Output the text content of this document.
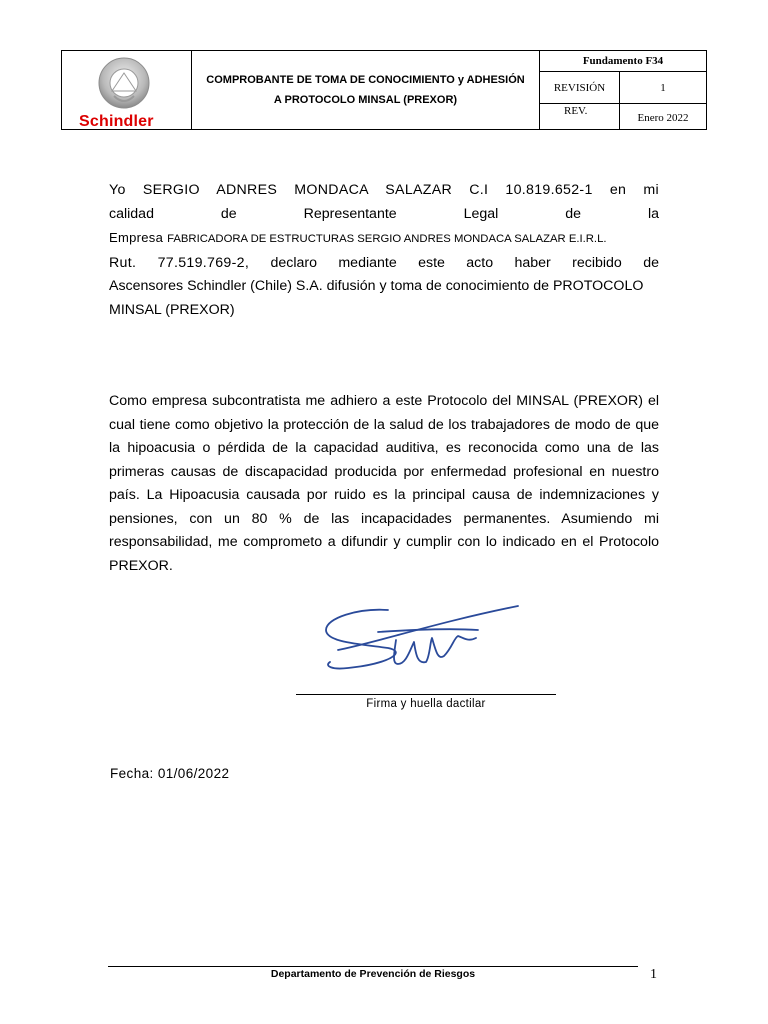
Schindler
COMPROBANTE DE TOMA DE CONOCIMIENTO y ADHESIÓN
A PROTOCOLO MINSAL (PREXOR)
Fundamento F34
REVISIÓN	1
REV.
Enero 2022
Yo SERGIO ADNRES MONDACA SALAZAR C.I 10.819.652-1 en mi
calidad	de	Representante	Legal	de	la
Empresa FABRICADORA DE ESTRUCTURAS SERGIO ANDRES MONDACA SALAZAR E.I.R.L.
Rut. 77.519.769-2, declaro mediante este acto haber recibido de
Ascensores Schindler (Chile) S.A. difusión y toma de conocimiento de PROTOCOLO
MINSAL (PREXOR)
Como empresa subcontratista me adhiero a este Protocolo del MINSAL (PREXOR) el
cual tiene como objetivo la protección de la salud de los trabajadores de modo de que
la hipoacusia o pérdida de la capacidad auditiva, es reconocida como una de las
primeras causas de discapacidad producida por enfermedad profesional en nuestro
país. La Hipoacusia causada por ruido es la principal causa de indemnizaciones y
pensiones, con un 80 % de las incapacidades permanentes. Asumiendo mi
responsabilidad, me comprometo a difundir y cumplir con lo indicado en el Protocolo
PREXOR.
Firma y huella dactilar
Fecha: 01/06/2022
Departamento de Prevención de Riesgos	1
